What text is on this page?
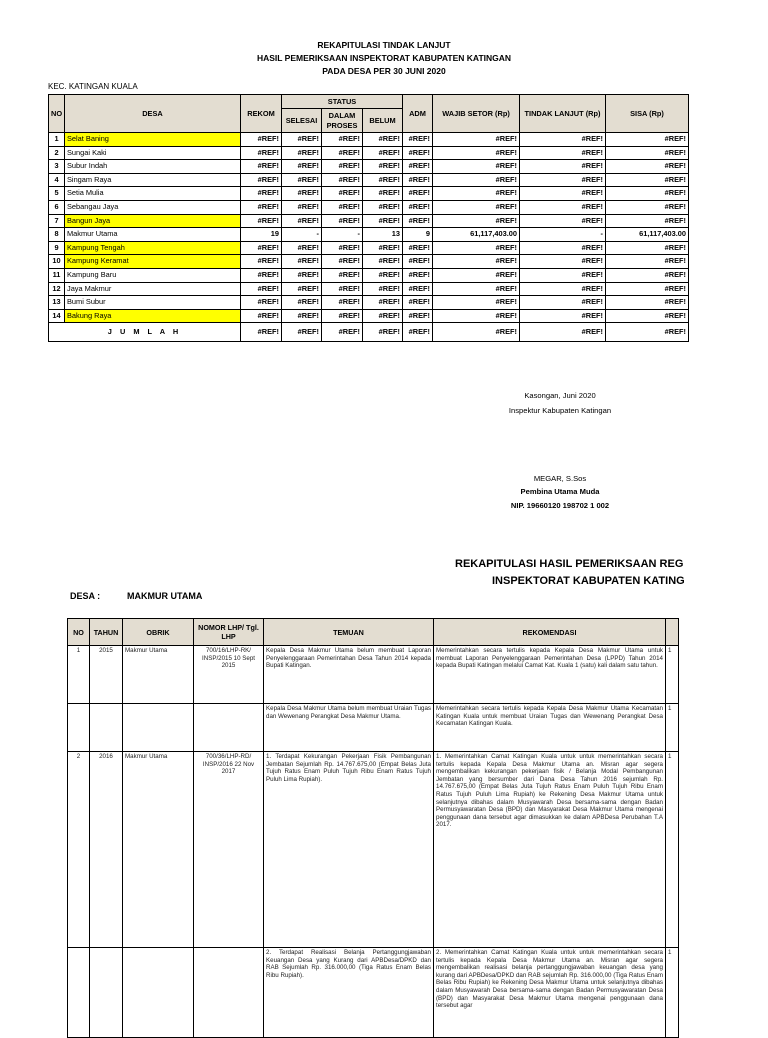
REKAPITULASI TINDAK LANJUT
HASIL PEMERIKSAAN INSPEKTORAT KABUPATEN KATINGAN
PADA DESA PER 30 JUNI 2020
KEC. KATINGAN KUALA
NO	DESA	REKOM	STATUS			ADM	WAJIB SETOR (Rp)	TINDAK LANJUT (Rp)	SISA (Rp)
			SELESAI	DALAM PROSES	BELUM				
1	Selat Baning	#REF!	#REF!	#REF!	#REF!	#REF!	#REF!	#REF!	#REF!
2	Sungai Kaki	#REF!	#REF!	#REF!	#REF!	#REF!	#REF!	#REF!	#REF!
3	Subur Indah	#REF!	#REF!	#REF!	#REF!	#REF!	#REF!	#REF!	#REF!
4	Singam Raya	#REF!	#REF!	#REF!	#REF!	#REF!	#REF!	#REF!	#REF!
5	Setia Mulia	#REF!	#REF!	#REF!	#REF!	#REF!	#REF!	#REF!	#REF!
6	Sebangau Jaya	#REF!	#REF!	#REF!	#REF!	#REF!	#REF!	#REF!	#REF!
7	Bangun Jaya	#REF!	#REF!	#REF!	#REF!	#REF!	#REF!	#REF!	#REF!
8	Makmur Utama	19	-	-	13	9	61,117,403.00	-	61,117,403.00
9	Kampung Tengah	#REF!	#REF!	#REF!	#REF!	#REF!	#REF!	#REF!	#REF!
10	Kampung Keramat	#REF!	#REF!	#REF!	#REF!	#REF!	#REF!	#REF!	#REF!
11	Kampung Baru	#REF!	#REF!	#REF!	#REF!	#REF!	#REF!	#REF!	#REF!
12	Jaya Makmur	#REF!	#REF!	#REF!	#REF!	#REF!	#REF!	#REF!	#REF!
13	Bumi Subur	#REF!	#REF!	#REF!	#REF!	#REF!	#REF!	#REF!	#REF!
14	Bakung Raya	#REF!	#REF!	#REF!	#REF!	#REF!	#REF!	#REF!	#REF!
J U M L A H		#REF!	#REF!	#REF!	#REF!	#REF!	#REF!	#REF!	#REF!
Kasongan, Juni 2020
Inspektur Kabupaten Katingan
MEGAR, S.Sos
Pembina Utama Muda
NIP. 19660120 198702 1 002
REKAPITULASI HASIL PEMERIKSAAN REG
INSPEKTORAT KABUPATEN KATING
DESA :	MAKMUR UTAMA
NO	TAHUN	OBRIK	NOMOR LHP/ Tgl. LHP	TEMUAN	REKOMENDASI	
1	2015	Makmur Utama	700/16/LHP-RK/ INSP/2015 10 Sept 2015	Kepala Desa Makmur Utama belum membuat Laporan Penyelenggaraan Pemerintahan Desa Tahun 2014 kepada Bupati Katingan.	Memerintahkan secara tertulis kepada Kepala Desa Makmur Utama untuk membuat Laporan Penyelenggaraan Pemerintahan Desa (LPPD) Tahun 2014 kepada Bupati Katingan melalui Camat Kat. Kuala 1 (satu) kali dalam satu tahun.	1
				Kepala Desa Makmur Utama belum membuat Uraian Tugas dan Wewenang Perangkat Desa Makmur Utama.	Memerintahkan secara tertulis kepada Kepala Desa Makmur Utama Kecamatan Katingan Kuala untuk membuat Uraian Tugas dan Wewenang Perangkat Desa Kecamatan Katingan Kuala.	1
2	2016	Makmur Utama	700/36/LHP-RD/ INSP/2016 22 Nov 2017	1. Terdapat Kekurangan Pekerjaan Fisik Pembangunan Jembatan Sejumlah Rp. 14.767.675,00 (Empat Belas Juta Tujuh Ratus Enam Puluh Tujuh Ribu Enam Ratus Tujuh Puluh Lima Rupiah).	1. Memerintahkan Camat Katingan Kuala untuk untuk memerintahkan secara tertulis kepada Kepala Desa Makmur Utama an. Misran agar segera mengembalikan kekurangan pekerjaan fisik / Belanja Modal Pembangunan Jembatan yang bersumber dari Dana Desa Tahun 2016 sejumlah Rp. 14.767.675,00 (Empat Belas Juta Tujuh Ratus Enam Puluh Tujuh Ribu Enam Ratus Tujuh Puluh Lima Rupiah) ke Rekening Desa Makmur Utama untuk selanjutnya dibahas dalam Musyawarah Desa bersama-sama dengan Badan Permusyawaratan Desa (BPD) dan Masyarakat Desa Makmur Utama mengenai penggunaan dana tersebut agar dimasukkan ke dalam APBDesa Perubahan T.A 2017.	1
				2. Terdapat Realisasi Belanja Pertanggungjawaban Keuangan Desa yang Kurang dari APBDesa/DPKD dan RAB Sejumlah Rp. 316.000,00 (Tiga Ratus Enam Belas Ribu Rupiah).	2. Memerintahkan Camat Katingan Kuala untuk untuk memerintahkan secara tertulis kepada Kepala Desa Makmur Utama an. Misran agar segera mengembalikan realisasi belanja pertanggungjawaban keuangan desa yang kurang dari APBDesa/DPKD dan RAB sejumlah Rp. 316.000,00 (Tiga Ratus Enam Belas Ribu Rupiah) ke Rekening Desa Makmur Utama untuk selanjutnya dibahas dalam Musyawarah Desa bersama-sama dengan Badan Permusyawaratan Desa (BPD) dan Masyarakat Desa Makmur Utama mengenai penggunaan dana tersebut agar	1
